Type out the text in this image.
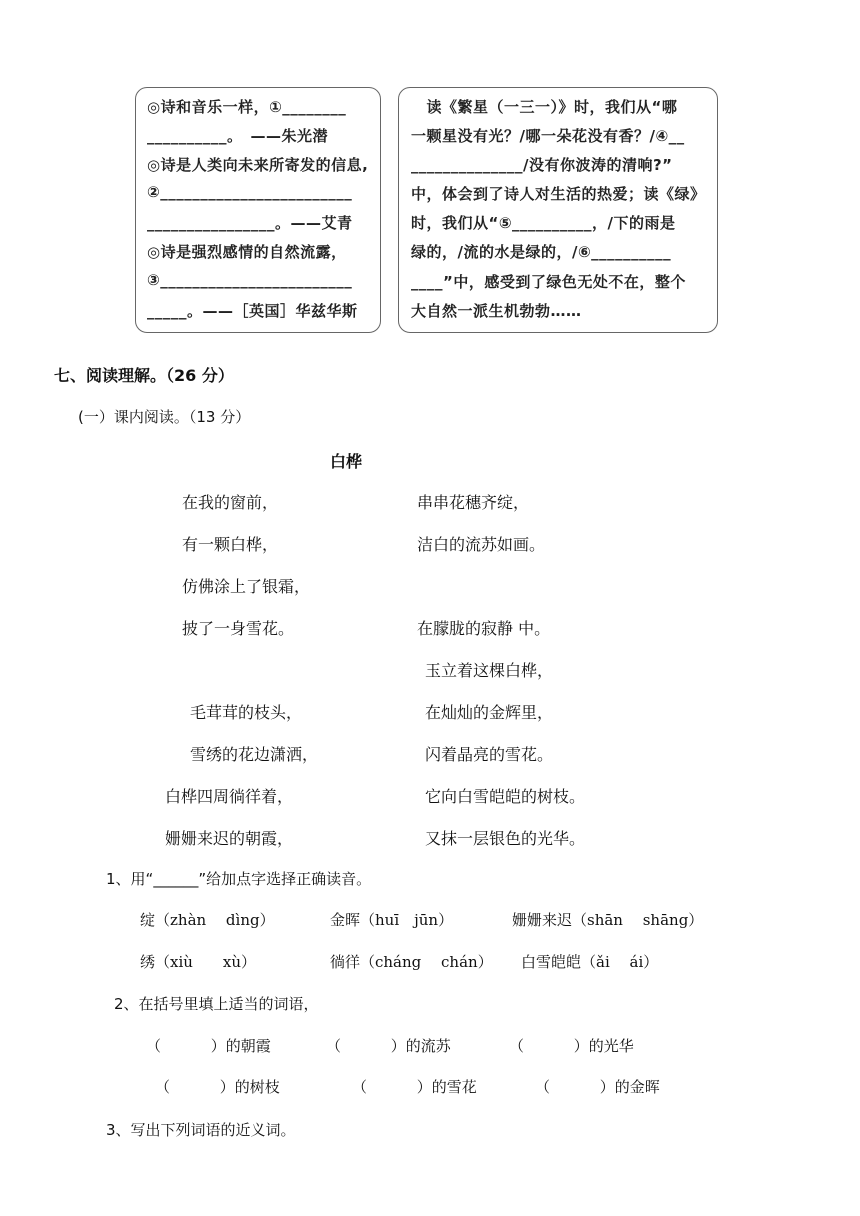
◎诗和音乐一样，①________
__________。　——朱光潜
◎诗是人类向未来所寄发的信息,
②________________________
________________。——艾青
◎诗是强烈感情的自然流露，
③________________________
_____。——［英国］华兹华斯
　读《繁星（一三一）》时，我们从“哪
一颗星没有光？/哪一朵花没有香？/④__
______________/没有你波涛的清响?”
中，体会到了诗人对生活的热爱；读《绿》
时，我们从“⑤__________，/下的雨是
绿的，/流的水是绿的，/⑥__________
____”中，感受到了绿色无处不在，整个
大自然一派生机勃勃……
七、阅读理解。（26 分）
(一）课内阅读。（13 分）
白桦
在我的窗前，
有一颗白桦，
仿佛涂上了银霜，
披了一身雪花。
毛茸茸的枝头，
雪绣的花边潇洒，
白桦四周徜徉着，
姗姗来迟的朝霞，
串串花穗齐绽，
洁白的流苏如画。
在朦胧的寂静 中。
玉立着这棵白桦，
在灿灿的金辉里，
闪着晶亮的雪花。
它向白雪皑皑的树枝。
又抹一层银色的光华。
1、用“______”给加点字选择正确读音。
绽（zhàn　 dìng）	金晖（huī　jūn）	姗姗来迟（shān　 shāng）
绣（xiù　　xù）	徜徉（cháng　 chán） 白雪皑皑（ǎi　 ái）
2、在括号里填上适当的词语，
（　　　 ）的朝霞	（　　　 ）的流苏	（　　　 ）的光华
（　　　 ）的树枝	（　　　 ）的雪花	（　　　 ）的金晖
3、写出下列词语的近义词。
